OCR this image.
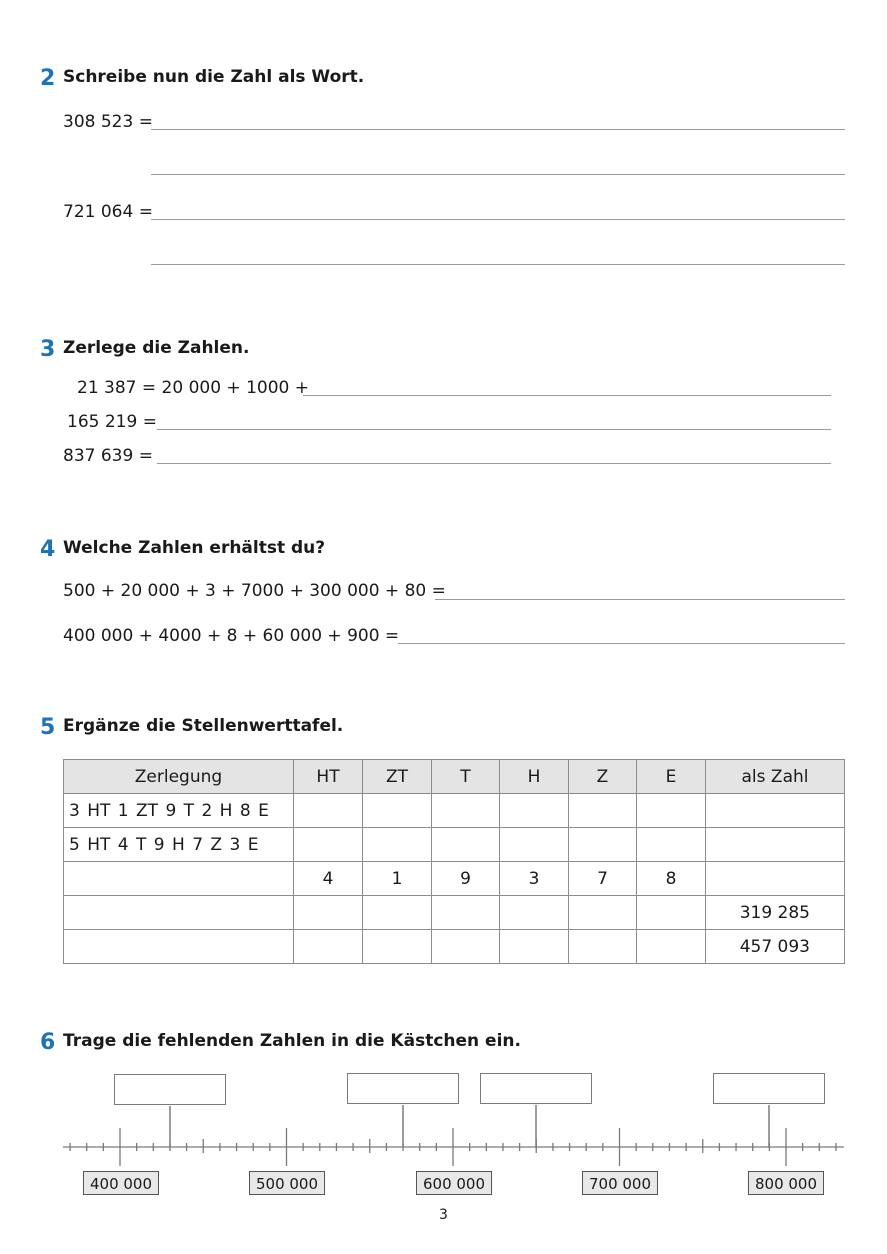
2 Schreibe nun die Zahl als Wort.
308 523 =
721 064 =
3 Zerlege die Zahlen.
21 387 = 20 000 + 1000 +
165 219 =
837 639 =
4 Welche Zahlen erhältst du?
500 + 20 000 + 3 + 7000 + 300 000 + 80 =
400 000 + 4000 + 8 + 60 000 + 900 =
5 Ergänze die Stellenwerttafel.
Zerlegung	HT	ZT	T	H	Z	E	als Zahl
3 HT 1 ZT 9 T 2 H 8 E							
5 HT 4 T 9 H 7 Z 3 E							
	4	1	9	3	7	8	
							319 285
							457 093
6 Trage die fehlenden Zahlen in die Kästchen ein.
400 000	500 000	600 000	700 000	800 000
3
